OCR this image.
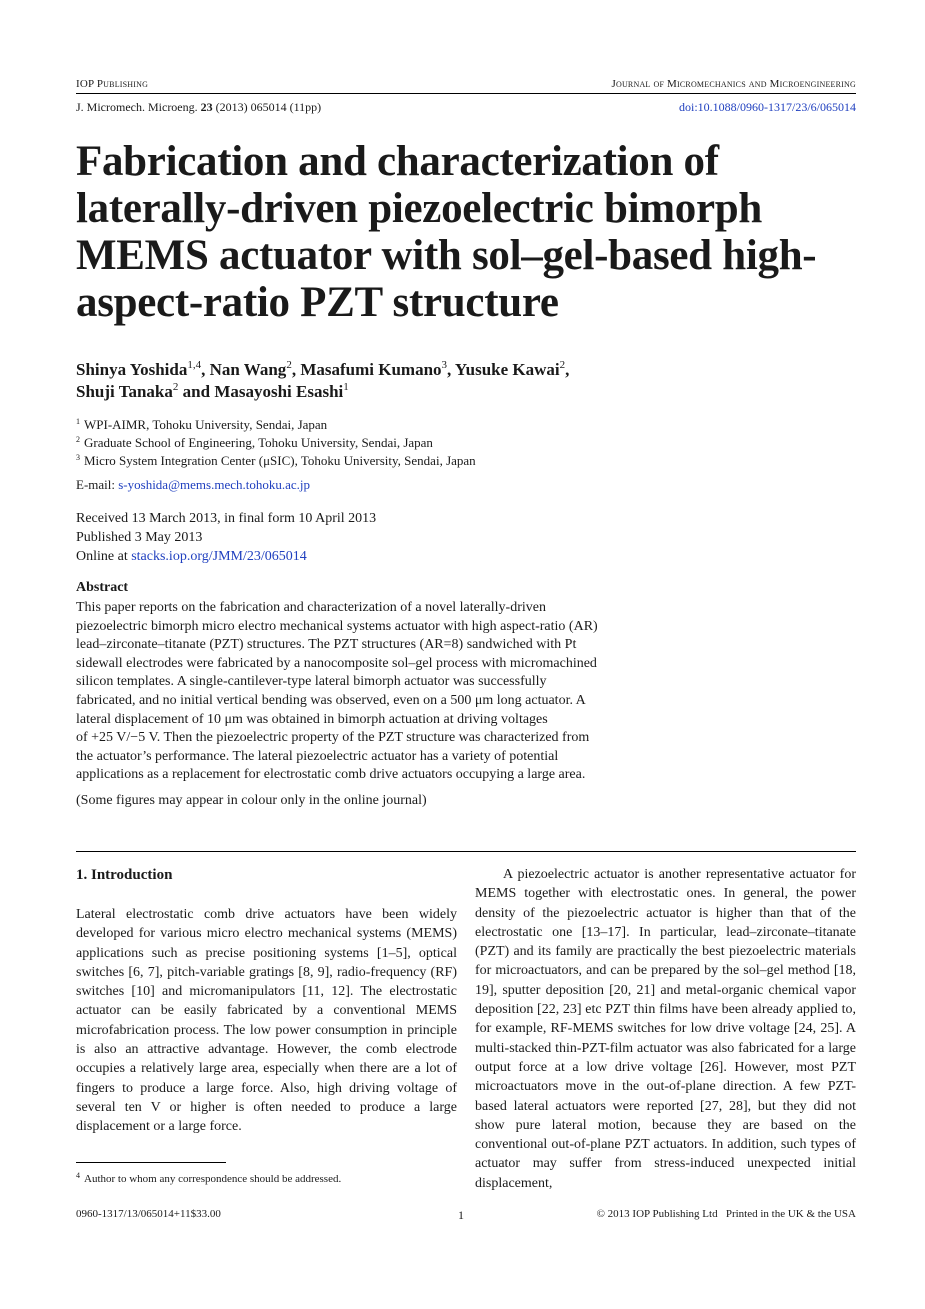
IOP Publishing	Journal of Micromechanics and Microengineering
J. Micromech. Microeng. 23 (2013) 065014 (11pp)	doi:10.1088/0960-1317/23/6/065014
Fabrication and characterization of laterally-driven piezoelectric bimorph MEMS actuator with sol–gel-based high-aspect-ratio PZT structure
Shinya Yoshida$^{1,4}$, Nan Wang$^2$, Masafumi Kumano$^3$, Yusuke Kawai$^2$,
Shuji Tanaka$^2$ and Masayoshi Esashi$^1$
$^1$ WPI-AIMR, Tohoku University, Sendai, Japan
$^2$ Graduate School of Engineering, Tohoku University, Sendai, Japan
$^3$ Micro System Integration Center (μSIC), Tohoku University, Sendai, Japan
E-mail: s-yoshida@mems.mech.tohoku.ac.jp
Received 13 March 2013, in final form 10 April 2013
Published 3 May 2013
Online at stacks.iop.org/JMM/23/065014
Abstract
This paper reports on the fabrication and characterization of a novel laterally-driven
piezoelectric bimorph micro electro mechanical systems actuator with high aspect-ratio (AR)
lead–zirconate–titanate (PZT) structures. The PZT structures (AR=8) sandwiched with Pt
sidewall electrodes were fabricated by a nanocomposite sol–gel process with micromachined
silicon templates. A single-cantilever-type lateral bimorph actuator was successfully
fabricated, and no initial vertical bending was observed, even on a 500 μm long actuator. A
lateral displacement of 10 μm was obtained in bimorph actuation at driving voltages
of +25 V/−5 V. Then the piezoelectric property of the PZT structure was characterized from
the actuator’s performance. The lateral piezoelectric actuator has a variety of potential
applications as a replacement for electrostatic comb drive actuators occupying a large area.
(Some figures may appear in colour only in the online journal)
1. Introduction

Lateral electrostatic comb drive actuators have been widely developed for various micro electro mechanical systems (MEMS) applications such as precise positioning systems [1–5], optical switches [6, 7], pitch-variable gratings [8, 9], radio-frequency (RF) switches [10] and micromanipulators [11, 12]. The electrostatic actuator can be easily fabricated by a conventional MEMS microfabrication process. The low power consumption in principle is also an attractive advantage. However, the comb electrode occupies a relatively large area, especially when there are a lot of fingers to produce a large force. Also, high driving voltage of several ten V or higher is often needed to produce a large displacement or a large force.

A piezoelectric actuator is another representative actuator for MEMS together with electrostatic ones. In general, the power density of the piezoelectric actuator is higher than that of the electrostatic one [13–17]. In particular, lead–zirconate–titanate (PZT) and its family are practically the best piezoelectric materials for microactuators, and can be prepared by the sol–gel method [18, 19], sputter deposition [20, 21] and metal-organic chemical vapor deposition [22, 23] etc PZT thin films have been already applied to, for example, RF-MEMS switches for low drive voltage [24, 25]. A multi-stacked thin-PZT-film actuator was also fabricated for a large output force at a low drive voltage [26]. However, most PZT microactuators move in the out-of-plane direction. A few PZT-based lateral actuators were reported [27, 28], but they did not show pure lateral motion, because they are based on the conventional out-of-plane PZT actuators. In addition, such types of actuator may suffer from stress-induced unexpected initial displacement,

$^4$ Author to whom any correspondence should be addressed.
0960-1317/13/065014+11$33.00	1	© 2013 IOP Publishing Ltd   Printed in the UK & the USA
